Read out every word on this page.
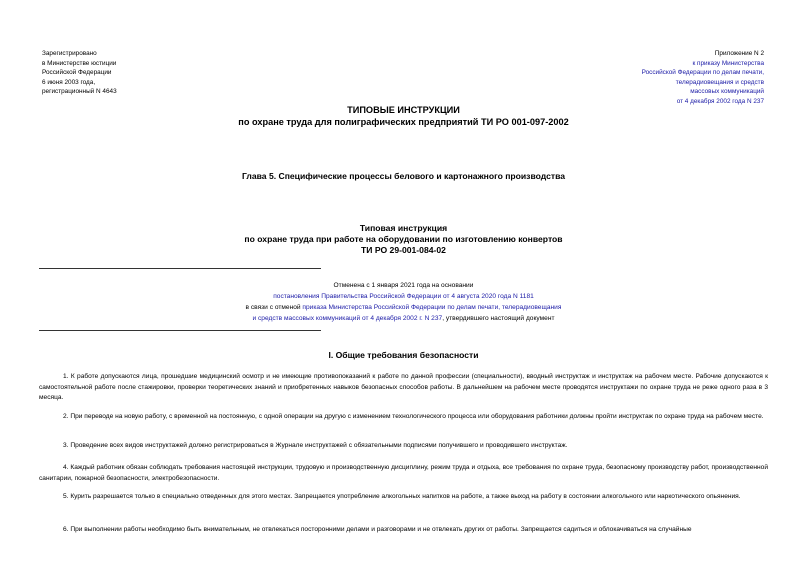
Зарегистрировано
в Министерстве юстиции
Российской Федерации
6 июня 2003 года,
регистрационный N 4643
Приложение N 2
к приказу Министерства
Российской Федерации по делам печати,
телерадиовещания и средств
массовых коммуникаций
от 4 декабря 2002 года N 237
ТИПОВЫЕ ИНСТРУКЦИИ
по охране труда для полиграфических предприятий ТИ РО 001-097-2002
Глава 5. Специфические процессы белового и картонажного производства
Типовая инструкция
по охране труда при работе на оборудовании по изготовлению конвертов
ТИ РО 29-001-084-02
Отменена с 1 января 2021 года на основании
постановления Правительства Российской Федерации от 4 августа 2020 года N 1181
в связи с отменой приказа Министерства Российской Федерации по делам печати, телерадиовещания
и средств массовых коммуникаций от 4 декабря 2002 г. N 237, утвердившего настоящий документ
I. Общие требования безопасности

1. К работе допускаются лица, прошедшие медицинский осмотр и не имеющие противопоказаний к работе по данной профессии (специальности), вводный инструктаж и инструктаж на рабочем месте. Рабочие допускаются к самостоятельной работе после стажировки, проверки теоретических знаний и приобретенных навыков безопасных способов работы. В дальнейшем на рабочем месте проводятся инструктажи по охране труда не реже одного раза в 3 месяца.

2. При переводе на новую работу, с временной на постоянную, с одной операции на другую с изменением технологического процесса или оборудования работники должны пройти инструктаж по охране труда на рабочем месте.

3. Проведение всех видов инструктажей должно регистрироваться в Журнале инструктажей с обязательными подписями получившего и проводившего инструктаж.

4. Каждый работник обязан соблюдать требования настоящей инструкции, трудовую и производственную дисциплину, режим труда и отдыха, все требования по охране труда, безопасному производству работ, производственной санитарии, пожарной безопасности, электробезопасности.

5. Курить разрешается только в специально отведенных для этого местах. Запрещается употребление алкогольных напитков на работе, а также выход на работу в состоянии алкогольного или наркотического опьянения.

6. При выполнении работы необходимо быть внимательным, не отвлекаться посторонними делами и разговорами и не отвлекать других от работы. Запрещается садиться и облокачиваться на случайные
